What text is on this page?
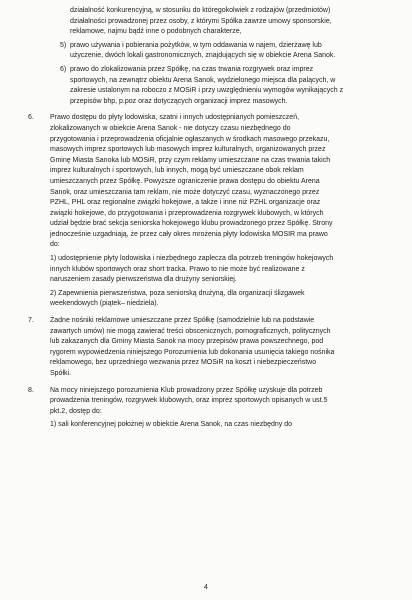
działalność konkurencyjną, w stosunku do któregokolwiek z rodzajów (przedmiotów)

działalności prowadzonej przez osoby, z którymi Spółka zawrze umowy sponsorskie,

reklamowe, najmu bądź inne o podobnych charakterze,

5) prawo używania i pobierania pożytków, w tym oddawania w najem, dzierżawę lub

użyczenie, dwóch lokali gastronomicznych, znajdujących się w obiekcie Arena Sanok.

6) prawo do zlokalizowania przez Spółkę, na czas trwania rozgrywek oraz imprez

sportowych, na zewnątrz obiektu Arena Sanok, wydzielonego miejsca dla palących, w

zakresie ustalonym na roboczo z MOSiR i przy uwzględnieniu wymogów wynikających z

przepisów bhp, p.poz oraz dotyczących organizacji imprez masowych.

6.	Prawo dostępu do płyty lodowiska, szatni i innych udostępnianych pomieszczeń,

zlokalizowanych w obiekcie Arena Sanok - nie dotyczy czasu niezbędnego do

przygotowania i przeprowadzenia oficjalnie ogłaszanych w środkach masowego przekazu,

masowych imprez sportowych lub masowych imprez kulturalnych, organizowanych przez

Gminę Miasta Sanoka lub MOSiR, przy czym reklamy umieszczane na czas trwania takich

imprez kulturalnych i sportowych, lub innych, mogą być umieszczane obok reklam

umieszczanych przez Spółkę. Powyższe ograniczenie prawa dostępu do obiektu Arena

Sanok, oraz umieszczania tam reklam, nie może dotyczyć czasu, wyznaczonego przez

PZHL, PHL oraz regionalne związki hokejowe, a także i inne niż PZHL organizacje oraz

związki hokejowe, do przygotowania i przeprowadzenia rozgrywek klubowych, w których

udział będzie brać sekcja seniorska hokejowego klubu prowadzonego przez Spółkę. Strony

jednocześnie uzgadniają, że przez cały okres mrożenia płyty lodowiska MOSIR ma prawo

do:

1) udostępnienie płyty lodowiska i niezbędnego zaplecza dla potrzeb treningów hokejowych

innych klubów sportowych oraz short tracka. Prawo to nie może być realizowane z

naruszeniem zasady pierwszeństwa dla drużyny seniorskiej.

2) Zapewnienia pierwszeństwa, poza seniorską drużyną, dla organizacji ślizgawek

weekendowych (piątek– niedziela).

7.	Żadne nośniki reklamowe umieszczane przez Spółkę (samodzielnie lub na podstawie

zawartych umów) nie mogą zawierać treści obscenicznych, pornograficznych, politycznych

lub zakazanych dla Gminy Miasta Sanok na mocy przepisów prawa powszechnego, pod

rygorem wypowiedzenia niniejszego Porozumienia lub dokonania usunięcia takiego nośnika

reklamowego, bez uprzedniego wezwania przez MOSiR na koszt i niebezpieczeństwo

Spółki.

8.	Na mocy niniejszego porozumienia Klub prowadzony przez Spółkę uzyskuje dla potrzeb

prowadzenia treningów, rozgrywek klubowych, oraz imprez sportowych opisanych w ust.5

pkt.2, dostęp do:

1) sali konferencyjnej położnej w obiekcie Arena Sanok, na czas niezbędny do

4
